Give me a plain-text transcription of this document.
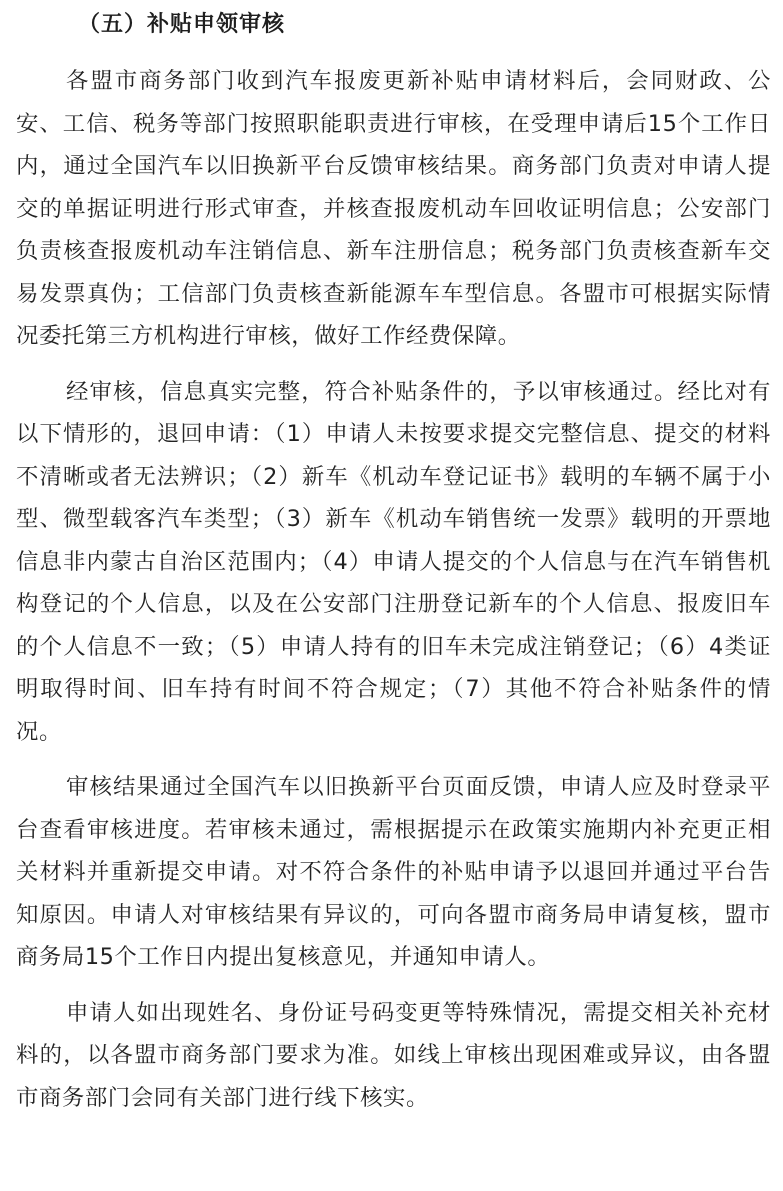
（五）补贴申领审核

各盟市商务部门收到汽车报废更新补贴申请材料后，会同财政、公安、工信、税务等部门按照职能职责进行审核，在受理申请后15个工作日内，通过全国汽车以旧换新平台反馈审核结果。商务部门负责对申请人提交的单据证明进行形式审查，并核查报废机动车回收证明信息；公安部门负责核查报废机动车注销信息、新车注册信息；税务部门负责核查新车交易发票真伪；工信部门负责核查新能源车车型信息。各盟市可根据实际情况委托第三方机构进行审核，做好工作经费保障。

经审核，信息真实完整，符合补贴条件的，予以审核通过。经比对有以下情形的，退回申请：（1）申请人未按要求提交完整信息、提交的材料不清晰或者无法辨识；（2）新车《机动车登记证书》载明的车辆不属于小型、微型载客汽车类型；（3）新车《机动车销售统一发票》载明的开票地信息非内蒙古自治区范围内；（4）申请人提交的个人信息与在汽车销售机构登记的个人信息，以及在公安部门注册登记新车的个人信息、报废旧车的个人信息不一致；（5）申请人持有的旧车未完成注销登记；（6）4类证明取得时间、旧车持有时间不符合规定；（7）其他不符合补贴条件的情况。

审核结果通过全国汽车以旧换新平台页面反馈，申请人应及时登录平台查看审核进度。若审核未通过，需根据提示在政策实施期内补充更正相关材料并重新提交申请。对不符合条件的补贴申请予以退回并通过平台告知原因。申请人对审核结果有异议的，可向各盟市商务局申请复核，盟市商务局15个工作日内提出复核意见，并通知申请人。

申请人如出现姓名、身份证号码变更等特殊情况，需提交相关补充材料的，以各盟市商务部门要求为准。如线上审核出现困难或异议，由各盟市商务部门会同有关部门进行线下核实。
